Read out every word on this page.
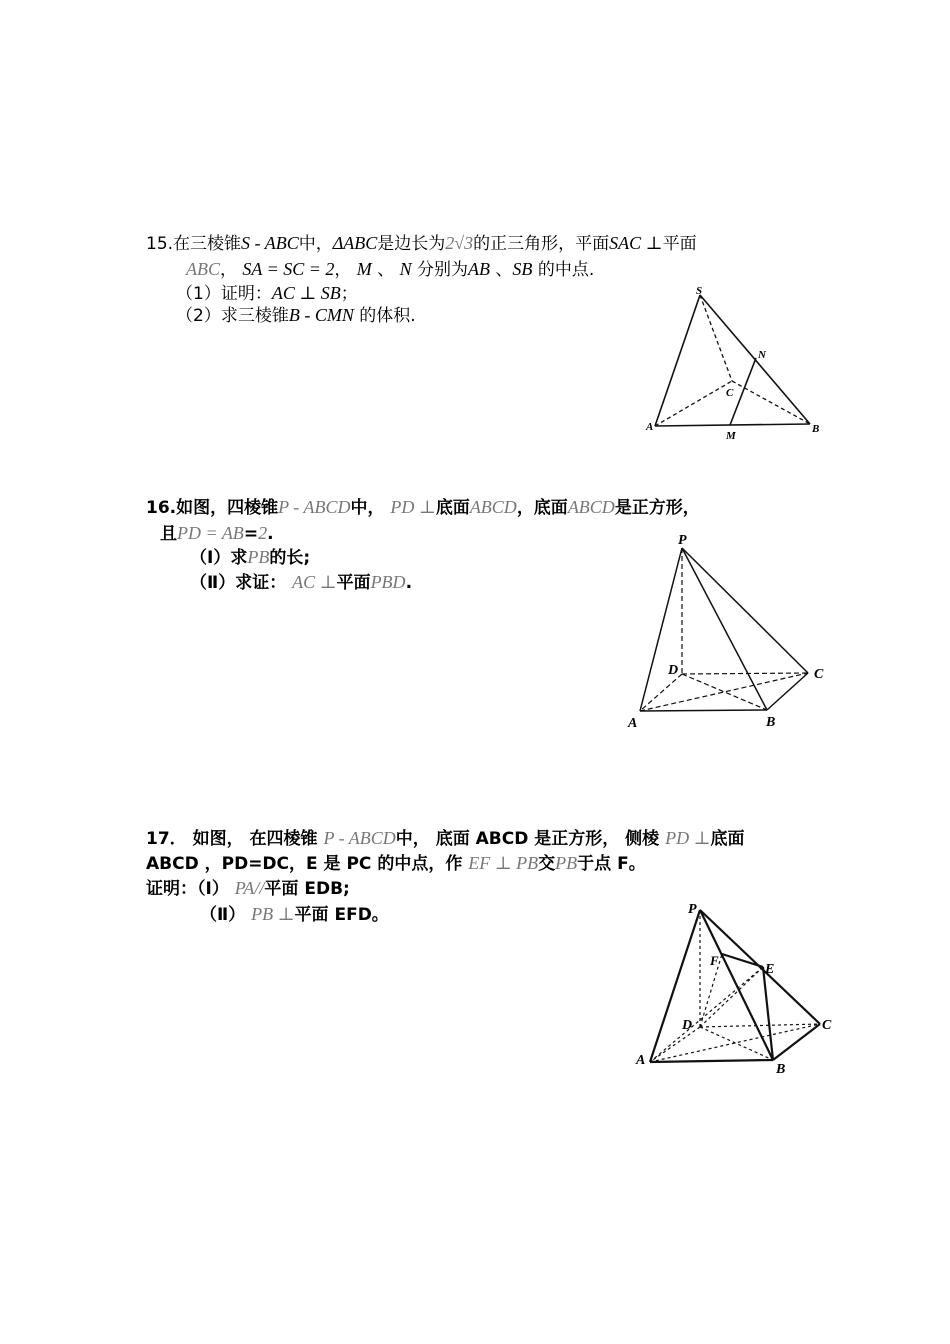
15.在三棱锥S - ABC中，ΔABC是边长为2√3的正三角形，平面SAC ⊥平面
ABC， SA = SC = 2， M 、 N 分别为AB 、SB 的中点.
（1）证明：AC ⊥ SB；
（2）求三棱锥B - CMN 的体积.
S
N
C
A
M
B
16.如图，四棱锥P - ABCD中， PD ⊥底面ABCD，底面ABCD是正方形，
且PD = AB=2.
（Ⅰ）求PB的长;
（Ⅱ）求证： AC ⊥平面PBD.
P
D	C
A	B
17． 如图， 在四棱锥 P - ABCD中， 底面 ABCD 是正方形， 侧棱 PD ⊥底面
ABCD ，PD=DC，E 是 PC 的中点，作 EF ⊥ PB交PB于点 F。
证明：（Ⅰ） PA//平面 EDB;
（Ⅱ） PB ⊥平面 EFD。	P
F
E
D	C
A
B
